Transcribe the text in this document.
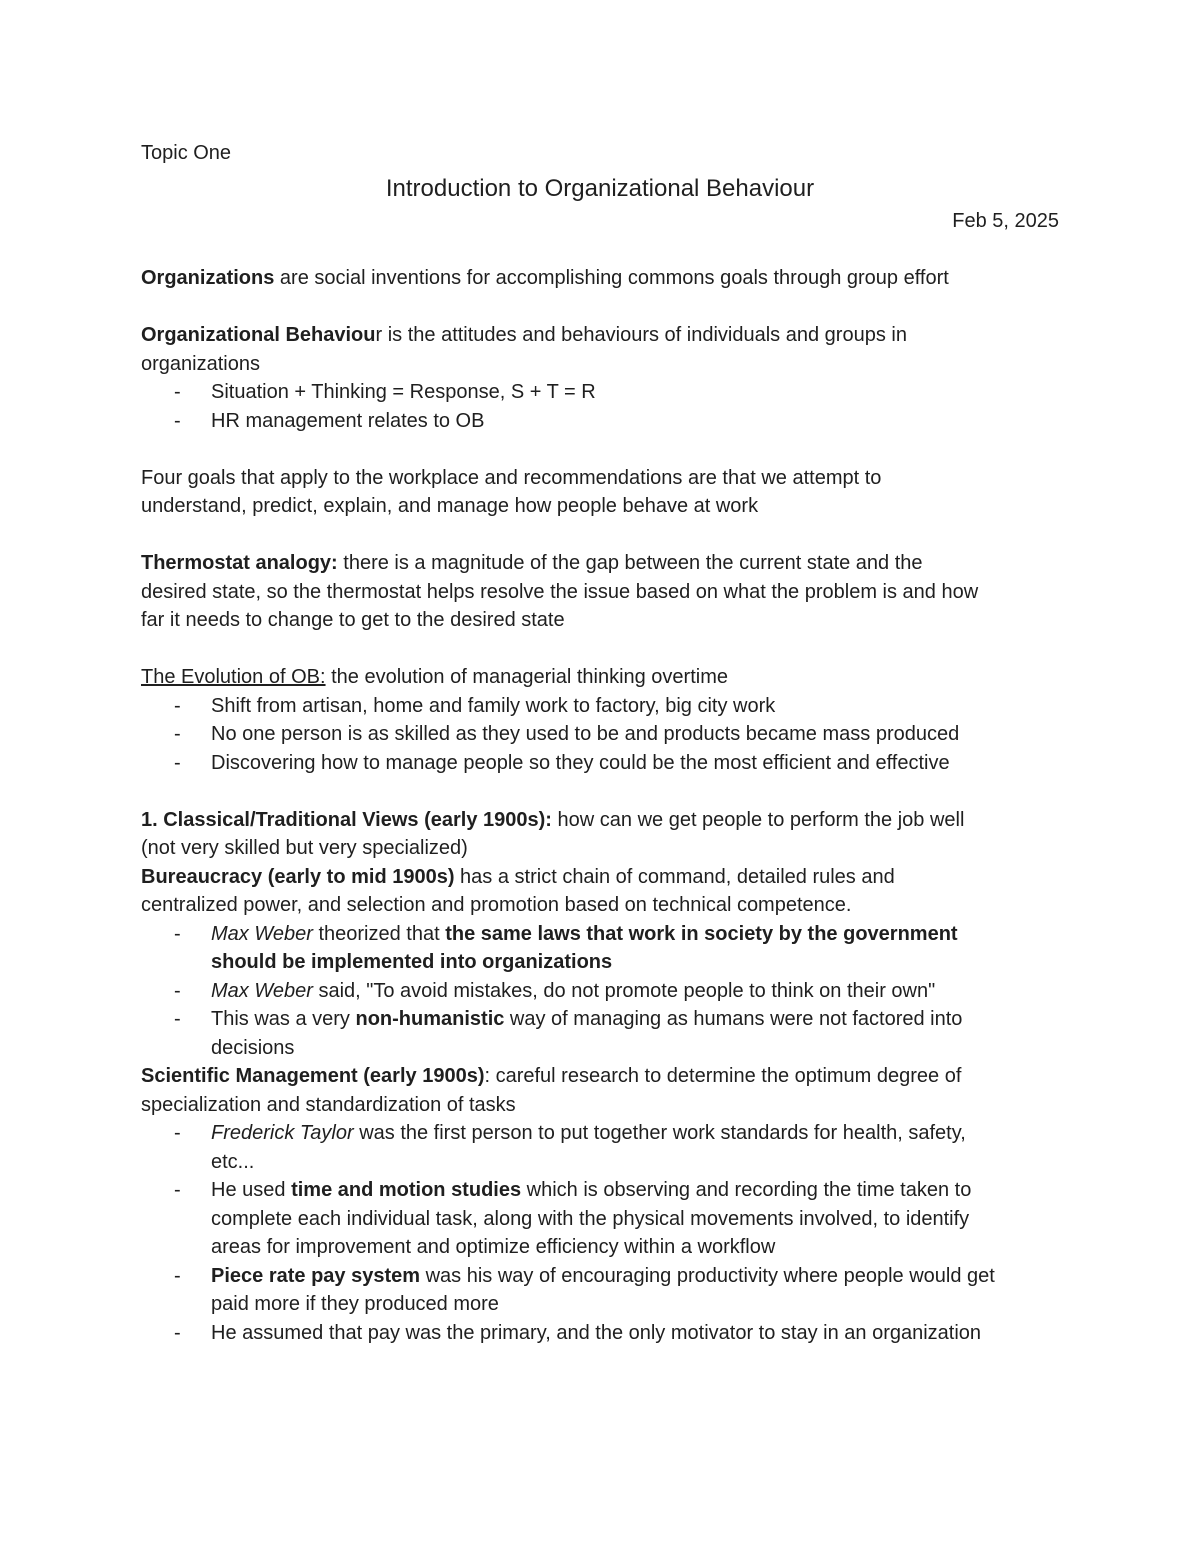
Topic One
Introduction to Organizational Behaviour
Feb 5, 2025
Organizations are social inventions for accomplishing commons goals through group effort
Organizational Behaviour is the attitudes and behaviours of individuals and groups in
organizations
- Situation + Thinking = Response, S + T = R
- HR management relates to OB
Four goals that apply to the workplace and recommendations are that we attempt to
understand, predict, explain, and manage how people behave at work
Thermostat analogy: there is a magnitude of the gap between the current state and the
desired state, so the thermostat helps resolve the issue based on what the problem is and how
far it needs to change to get to the desired state
The Evolution of OB: the evolution of managerial thinking overtime
- Shift from artisan, home and family work to factory, big city work
- No one person is as skilled as they used to be and products became mass produced
- Discovering how to manage people so they could be the most efficient and effective
1. Classical/Traditional Views (early 1900s): how can we get people to perform the job well
(not very skilled but very specialized)
Bureaucracy (early to mid 1900s) has a strict chain of command, detailed rules and
centralized power, and selection and promotion based on technical competence.
- Max Weber theorized that the same laws that work in society by the government
should be implemented into organizations
- Max Weber said, "To avoid mistakes, do not promote people to think on their own"
- This was a very non-humanistic way of managing as humans were not factored into
decisions
Scientific Management (early 1900s): careful research to determine the optimum degree of
specialization and standardization of tasks
- Frederick Taylor was the first person to put together work standards for health, safety,
etc...
- He used time and motion studies which is observing and recording the time taken to
complete each individual task, along with the physical movements involved, to identify
areas for improvement and optimize efficiency within a workflow
- Piece rate pay system was his way of encouraging productivity where people would get
paid more if they produced more
- He assumed that pay was the primary, and the only motivator to stay in an organization
